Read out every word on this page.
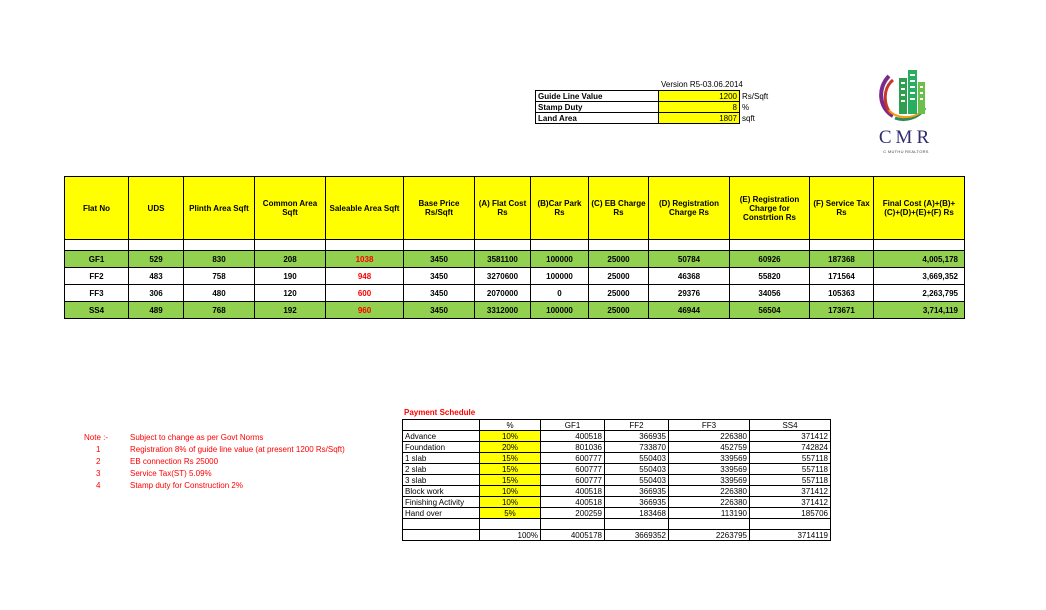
Version R5-03.06.2014
Guide Line Value	1200	Rs/Sqft
Stamp Duty	8	%
Land Area	1807	sqft
CMR
C MUTHU REALTORS
Flat No	UDS	Plinth Area Sqft	Common Area Sqft	Saleable Area Sqft	Base Price Rs/Sqft	(A) Flat Cost Rs	(B)Car Park Rs	(C) EB Charge Rs	(D) Registration Charge Rs	(E) Registration Charge for Constrtion Rs	(F) Service Tax Rs	Final Cost (A)+(B)+(C)+(D)+(E)+(F) Rs

GF1	529	830	208	1038	3450	3581100	100000	25000	50784	60926	187368	4,005,178
FF2	483	758	190	948	3450	3270600	100000	25000	46368	55820	171564	3,669,352
FF3	306	480	120	600	3450	2070000	0	25000	29376	34056	105363	2,263,795
SS4	489	768	192	960	3450	3312000	100000	25000	46944	56504	173671	3,714,119
Note :-	Subject to change as per Govt Norms
1	Registration 8% of guide line value (at present 1200 Rs/Sqft)
2	EB connection Rs 25000
3	Service Tax(ST) 5.09%
4	Stamp duty for Construction 2%
Payment Schedule
	%	GF1	FF2	FF3	SS4
Advance	10%	400518	366935	226380	371412
Foundation	20%	801036	733870	452759	742824
1 slab	15%	600777	550403	339569	557118
2 slab	15%	600777	550403	339569	557118
3 slab	15%	600777	550403	339569	557118
Block work	10%	400518	366935	226380	371412
Finishing Activity	10%	400518	366935	226380	371412
Hand over	5%	200259	183468	113190	185706

	100%	4005178	3669352	2263795	3714119
